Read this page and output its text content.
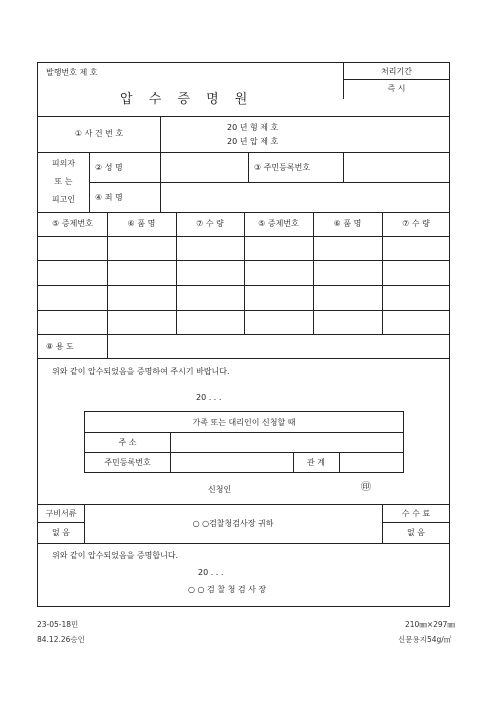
발행번호 제 호
압 수 증 명 원
처리기간
즉 시
① 사 건 번 호
20 년 형 제 호
20 년 압 제 호
피의자
또 는
피고인
② 성 명	③ 주민등록번호
④ 죄 명
⑤ 증제번호	⑥ 품 명	⑦ 수 량	⑤ 증제번호	⑥ 품 명	⑦ 수 량
⑧ 용 도
위와 같이 압수되었음을 증명하여 주시기 바랍니다.
20 . . .
가족 또는 대리인이 신청할 때
주 소
주민등록번호	관 계
신청인	㊞
구비서류
없 음
○ ○검찰청검사장 귀하
수 수 료
없 음
위와 같이 압수되었음을 증명합니다.
20 . . .
○ ○ 검 찰 청 검 사 장
23-05-18민
84.12.26승인
210㎜×297㎜
신문용지54g/㎡
